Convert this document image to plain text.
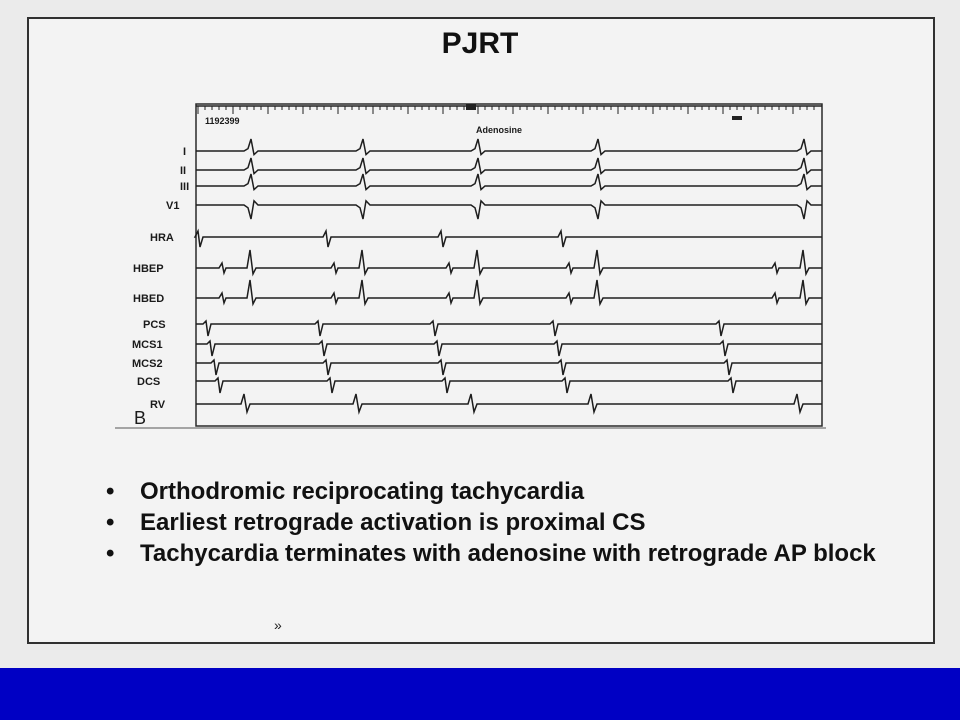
PJRT
1192399
Adenosine
I
II
III
V1
HRA
HBEP
HBED
PCS
MCS1
MCS2
DCS
RV
B
• Orthodromic reciprocating tachycardia
• Earliest retrograde activation is proximal CS
• Tachycardia terminates with adenosine with retrograde AP block
»
